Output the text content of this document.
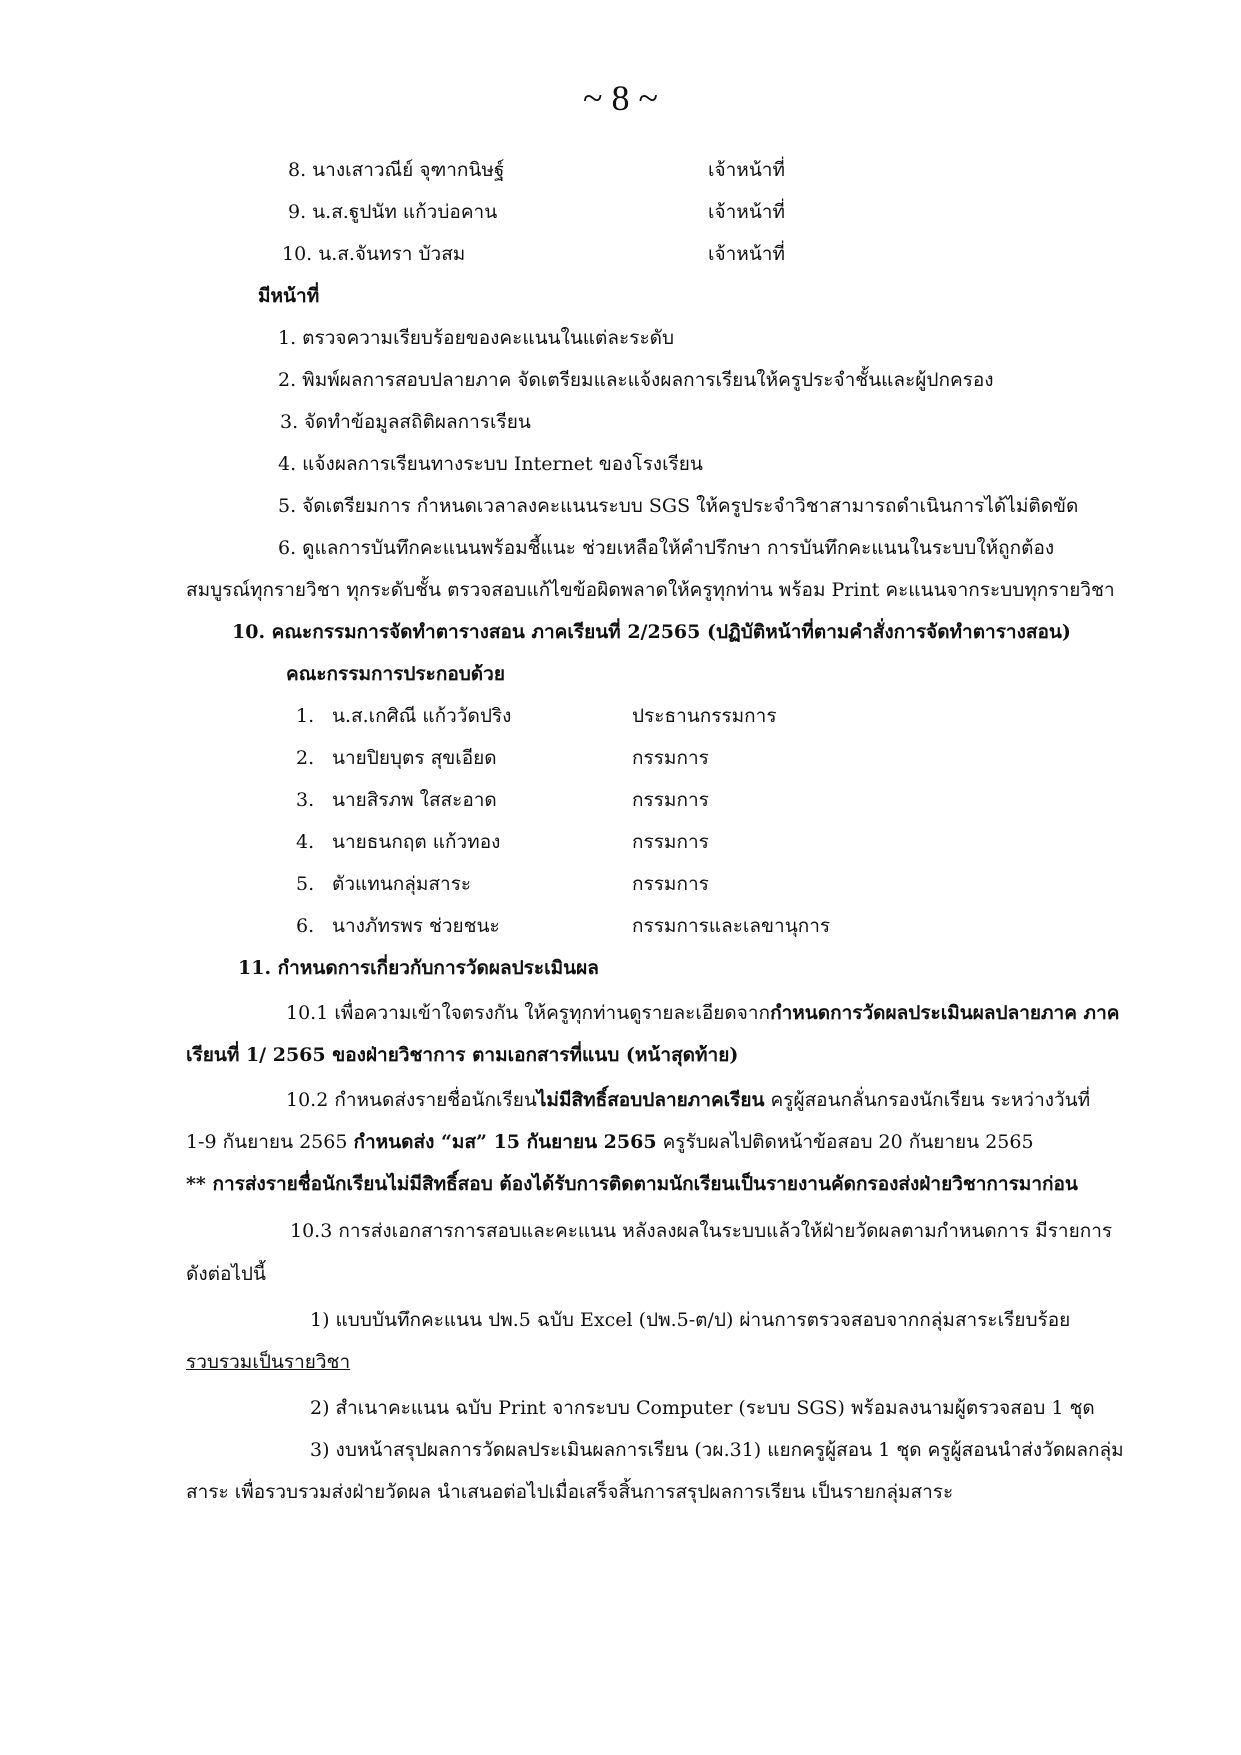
~ 8 ~
8. นางเสาวณีย์ จุฑากนิษฐ์	เจ้าหน้าที่
9. น.ส.ฐูปนัท แก้วบ่อคาน	เจ้าหน้าที่
10. น.ส.จันทรา บัวสม	เจ้าหน้าที่
มีหน้าที่
1. ตรวจความเรียบร้อยของคะแนนในแต่ละระดับ
2. พิมพ์ผลการสอบปลายภาค จัดเตรียมและแจ้งผลการเรียนให้ครูประจำชั้นและผู้ปกครอง
3. จัดทำข้อมูลสถิติผลการเรียน
4. แจ้งผลการเรียนทางระบบ Internet ของโรงเรียน
5. จัดเตรียมการ กำหนดเวลาลงคะแนนระบบ SGS ให้ครูประจำวิชาสามารถดำเนินการได้ไม่ติดขัด
6. ดูแลการบันทึกคะแนนพร้อมชี้แนะ ช่วยเหลือให้คำปรึกษา การบันทึกคะแนนในระบบให้ถูกต้อง
สมบูรณ์ทุกรายวิชา ทุกระดับชั้น ตรวจสอบแก้ไขข้อผิดพลาดให้ครูทุกท่าน พร้อม Print คะแนนจากระบบทุกรายวิชา
10. คณะกรรมการจัดทำตารางสอน ภาคเรียนที่ 2/2565 (ปฏิบัติหน้าที่ตามคำสั่งการจัดทำตารางสอน)
คณะกรรมการประกอบด้วย
1. น.ส.เกศิณี แก้ววัดปริง	ประธานกรรมการ
2. นายปิยบุตร สุขเอียด	กรรมการ
3. นายสิรภพ ใสสะอาด	กรรมการ
4. นายธนกฤต แก้วทอง	กรรมการ
5. ตัวแทนกลุ่มสาระ	กรรมการ
6. นางภัทรพร ช่วยชนะ	กรรมการและเลขานุการ
11. กำหนดการเกี่ยวกับการวัดผลประเมินผล
10.1 เพื่อความเข้าใจตรงกัน ให้ครูทุกท่านดูรายละเอียดจากกำหนดการวัดผลประเมินผลปลายภาค ภาค
เรียนที่ 1/ 2565 ของฝ่ายวิชาการ ตามเอกสารที่แนบ (หน้าสุดท้าย)
10.2 กำหนดส่งรายชื่อนักเรียนไม่มีสิทธิ์สอบปลายภาคเรียน ครูผู้สอนกลั่นกรองนักเรียน ระหว่างวันที่
1-9 กันยายน 2565 กำหนดส่ง “มส” 15 กันยายน 2565 ครูรับผลไปติดหน้าข้อสอบ 20 กันยายน 2565
** การส่งรายชื่อนักเรียนไม่มีสิทธิ์สอบ ต้องได้รับการติดตามนักเรียนเป็นรายงานคัดกรองส่งฝ่ายวิชาการมาก่อน
10.3 การส่งเอกสารการสอบและคะแนน หลังลงผลในระบบแล้วให้ฝ่ายวัดผลตามกำหนดการ มีรายการ
ดังต่อไปนี้
1) แบบบันทึกคะแนน ปพ.5 ฉบับ Excel (ปพ.5-ต/ป) ผ่านการตรวจสอบจากกลุ่มสาระเรียบร้อย
รวบรวมเป็นรายวิชา
2) สำเนาคะแนน ฉบับ Print จากระบบ Computer (ระบบ SGS) พร้อมลงนามผู้ตรวจสอบ 1 ชุด
3) งบหน้าสรุปผลการวัดผลประเมินผลการเรียน (วผ.31) แยกครูผู้สอน 1 ชุด ครูผู้สอนนำส่งวัดผลกลุ่ม
สาระ เพื่อรวบรวมส่งฝ่ายวัดผล นำเสนอต่อไปเมื่อเสร็จสิ้นการสรุปผลการเรียน เป็นรายกลุ่มสาระ
